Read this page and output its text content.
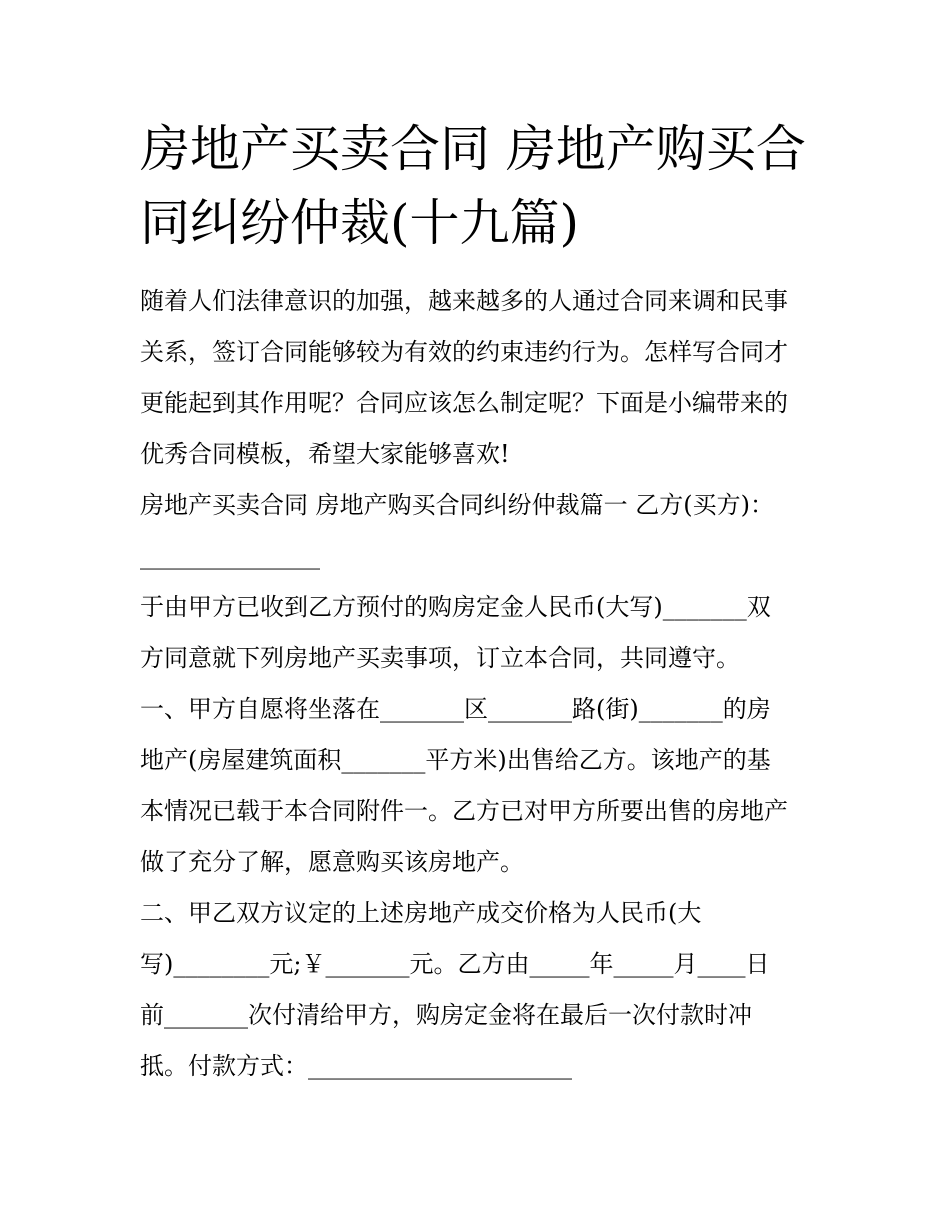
房地产买卖合同 房地产购买合
同纠纷仲裁(十九篇)
随着人们法律意识的加强，越来越多的人通过合同来调和民事
关系，签订合同能够较为有效的约束违约行为。怎样写合同才
更能起到其作用呢？合同应该怎么制定呢？下面是小编带来的
优秀合同模板，希望大家能够喜欢!
房地产买卖合同 房地产购买合同纠纷仲裁篇一 乙方(买方)：
_______________
于由甲方已收到乙方预付的购房定金人民币(大写)_______双
方同意就下列房地产买卖事项，订立本合同，共同遵守。
一、甲方自愿将坐落在_______区_______路(街)_______的房
地产(房屋建筑面积_______平方米)出售给乙方。该地产的基
本情况已载于本合同附件一。乙方已对甲方所要出售的房地产
做了充分了解，愿意购买该房地产。
二、甲乙双方议定的上述房地产成交价格为人民币(大
写)________元;￥_______元。乙方由_____年_____月____日
前_______次付清给甲方，购房定金将在最后一次付款时冲
抵。付款方式：______________________
